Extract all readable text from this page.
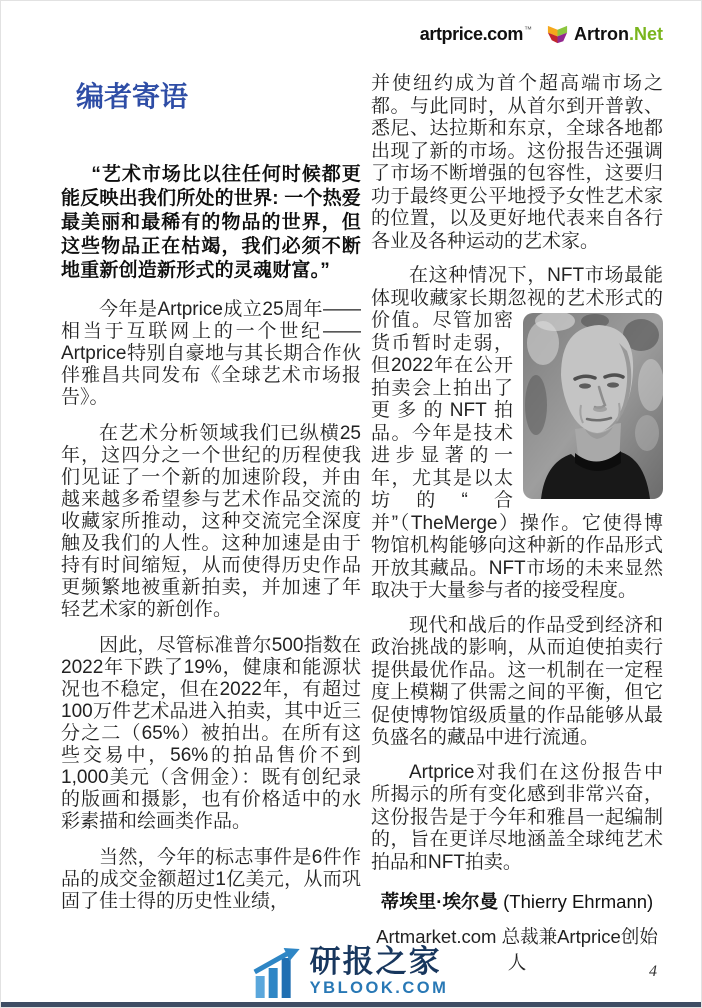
artprice.com ™ Artron .Net
编者寄语

“艺术市场比以往任何时候都更能反映出我们所处的世界: 一个热爱最美丽和最稀有的物品的世界，但这些物品正在枯竭，我们必须不断地重新创造新形式的灵魂财富。”

今年是Artprice成立25周年——相当于互联网上的一个世纪——Artprice特别自豪地与其长期合作伙伴雅昌共同发布《全球艺术市场报告》。

在艺术分析领域我们已纵横25年，这四分之一个世纪的历程使我们见证了一个新的加速阶段，并由越来越多希望参与艺术作品交流的收藏家所推动，这种交流完全深度触及我们的人性。这种加速是由于持有时间缩短，从而使得历史作品更频繁地被重新拍卖，并加速了年轻艺术家的新创作。

因此，尽管标准普尔500指数在2022年下跌了19%，健康和能源状况也不稳定，但在2022年，有超过100万件艺术品进入拍卖，其中近三分之二（65%）被拍出。在所有这些交易中，56%的拍品售价不到1,000美元（含佣金）：既有创纪录的版画和摄影，也有价格适中的水彩素描和绘画类作品。

当然，今年的标志事件是6件作品的成交金额超过1亿美元，从而巩固了佳士得的历史性业绩，

并使纽约成为首个超高端市场之都。与此同时，从首尔到开普敦、悉尼、达拉斯和东京，全球各地都出现了新的市场。这份报告还强调了市场不断增强的包容性，这要归功于最终更公平地授予女性艺术家的位置，以及更好地代表来自各行各业及各种运动的艺术家。

在这种情况下，NFT市场最能体现收藏家长期忽视的艺术形式
的价值。尽管加密货币暂时走弱，但2022年在公开拍卖会上拍出了更多的NFT拍品。今年是技术进步显著的一年，尤其是以太坊的“合并”（TheMerge）操作。它使得博物馆机构能够向这种新的作品形式开放其藏品。NFT市场的未来显然取决于大量参与者的接受程度。

现代和战后的作品受到经济和政治挑战的影响，从而迫使拍卖行提供最优作品。这一机制在一定程度上模糊了供需之间的平衡，但它促使博物馆级质量的作品能够从最负盛名的藏品中进行流通。

Artprice对我们在这份报告中所揭示的所有变化感到非常兴奋，这份报告是于今年和雅昌一起编制的，旨在更详尽地涵盖全球纯艺术拍品和NFT拍卖。

蒂埃里·埃尔曼 (Thierry Ehrmann)
Artmarket.com 总裁兼Artprice创始人
研报之家
YBLOOK.COM
4
